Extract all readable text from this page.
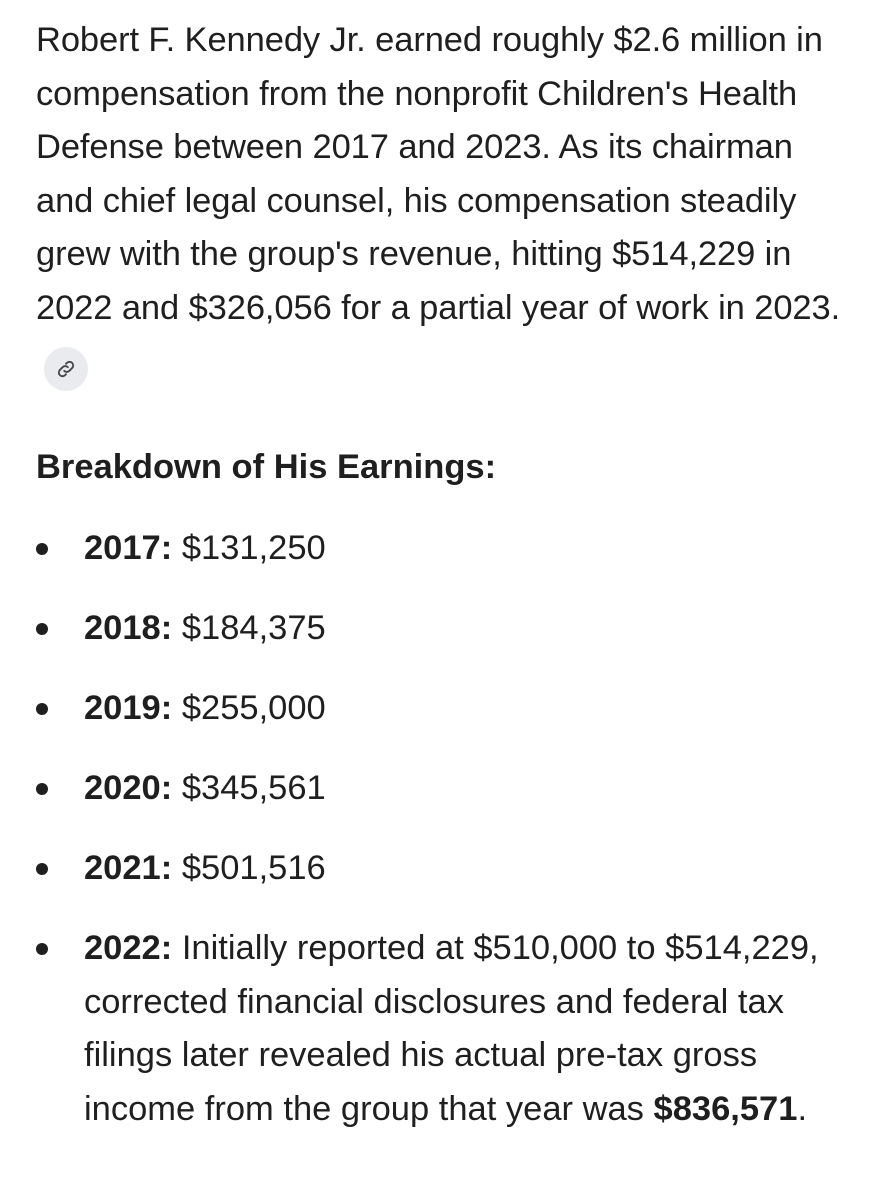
Robert F. Kennedy Jr. earned roughly $2.6 million in compensation from the nonprofit Children's Health Defense between 2017 and 2023. As its chairman and chief legal counsel, his compensation steadily grew with the group's revenue, hitting $514,229 in 2022 and $326,056 for a partial year of work in 2023.

Breakdown of His Earnings:
2017: $131,250
2018: $184,375
2019: $255,000
2020: $345,561
2021: $501,516
2022: Initially reported at $510,000 to $514,229, corrected financial disclosures and federal tax filings later revealed his actual pre-tax gross income from the group that year was $836,571.
